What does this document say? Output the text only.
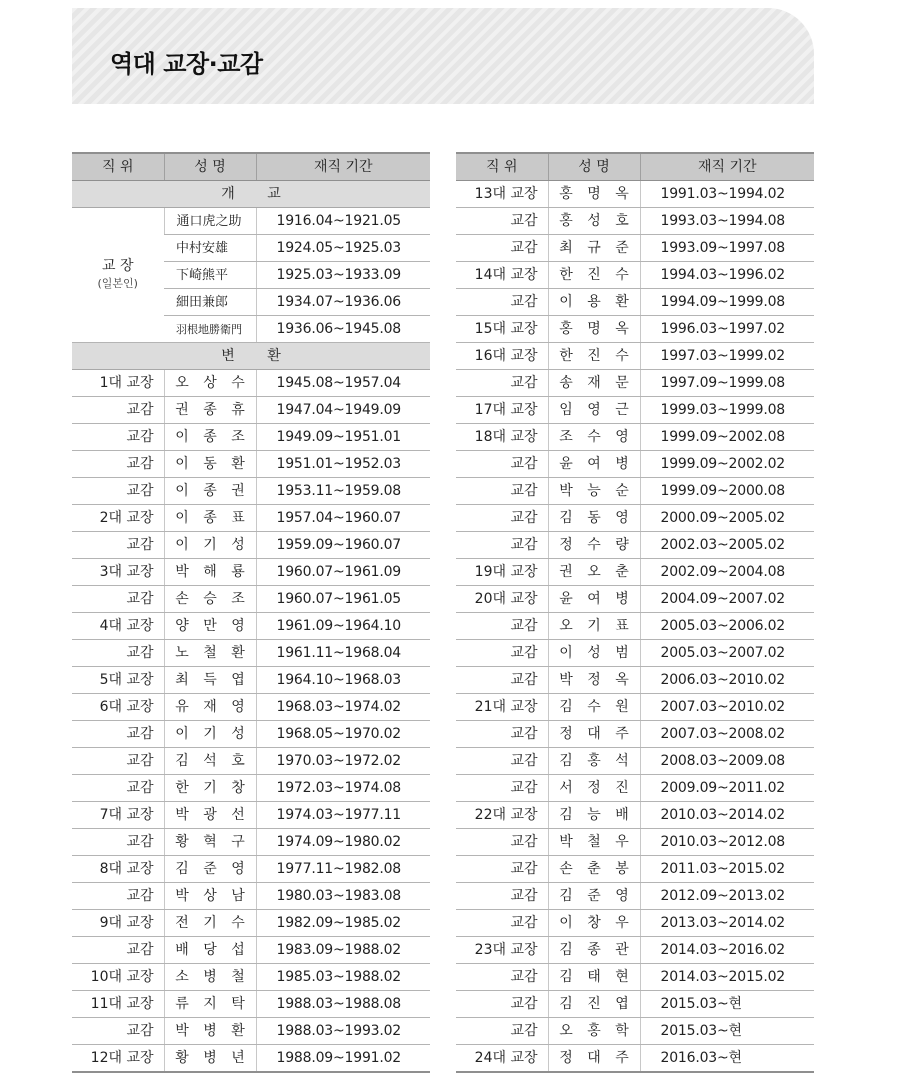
역대 교장·교감
직 위	성 명	재직 기간
개 교		

교 장
(일본인)	通口虎之助	1916.04~1921.05
	中村安雄	1924.05~1925.03
	下崎熊平	1925.03~1933.09
	細田兼郎	1934.07~1936.06
	羽根地勝衛門	1936.06~1945.08
변 환		
1대 교장	오 상 수	1945.08~1957.04
교감	권 종 휴	1947.04~1949.09
교감	이 종 조	1949.09~1951.01
교감	이 동 환	1951.01~1952.03
교감	이 종 권	1953.11~1959.08
2대 교장	이 종 표	1957.04~1960.07
교감	이 기 성	1959.09~1960.07
3대 교장	박 해 룡	1960.07~1961.09
교감	손 승 조	1960.07~1961.05
4대 교장	양 만 영	1961.09~1964.10
교감	노 철 환	1961.11~1968.04
5대 교장	최 득 엽	1964.10~1968.03
6대 교장	유 재 영	1968.03~1974.02
교감	이 기 성	1968.05~1970.02
교감	김 석 호	1970.03~1972.02
교감	한 기 창	1972.03~1974.08
7대 교장	박 광 선	1974.03~1977.11
교감	황 혁 구	1974.09~1980.02
8대 교장	김 준 영	1977.11~1982.08
교감	박 상 남	1980.03~1983.08
9대 교장	전 기 수	1982.09~1985.02
교감	배 당 섭	1983.09~1988.02
10대 교장	소 병 철	1985.03~1988.02
11대 교장	류 지 탁	1988.03~1988.08
교감	박 병 환	1988.03~1993.02
12대 교장	황 병 년	1988.09~1991.02
직 위	성 명	재직 기간
13대 교장	홍 명 옥	1991.03~1994.02
교감	홍 성 호	1993.03~1994.08
교감	최 규 준	1993.09~1997.08
14대 교장	한 진 수	1994.03~1996.02
교감	이 용 환	1994.09~1999.08
15대 교장	홍 명 옥	1996.03~1997.02
16대 교장	한 진 수	1997.03~1999.02
교감	송 재 문	1997.09~1999.08
17대 교장	임 영 근	1999.03~1999.08
18대 교장	조 수 영	1999.09~2002.08
교감	윤 여 병	1999.09~2002.02
교감	박 능 순	1999.09~2000.08
교감	김 동 영	2000.09~2005.02
교감	정 수 량	2002.03~2005.02
19대 교장	권 오 춘	2002.09~2004.08
20대 교장	윤 여 병	2004.09~2007.02
교감	오 기 표	2005.03~2006.02
교감	이 성 범	2005.03~2007.02
교감	박 정 옥	2006.03~2010.02
21대 교장	김 수 원	2007.03~2010.02
교감	정 대 주	2007.03~2008.02
교감	김 홍 석	2008.03~2009.08
교감	서 정 진	2009.09~2011.02
22대 교장	김 능 배	2010.03~2014.02
교감	박 철 우	2010.03~2012.08
교감	손 춘 봉	2011.03~2015.02
교감	김 준 영	2012.09~2013.02
교감	이 창 우	2013.03~2014.02
23대 교장	김 종 관	2014.03~2016.02
교감	김 태 현	2014.03~2015.02
교감	김 진 엽	2015.03~현
교감	오 홍 학	2015.03~현
24대 교장	정 대 주	2016.03~현
